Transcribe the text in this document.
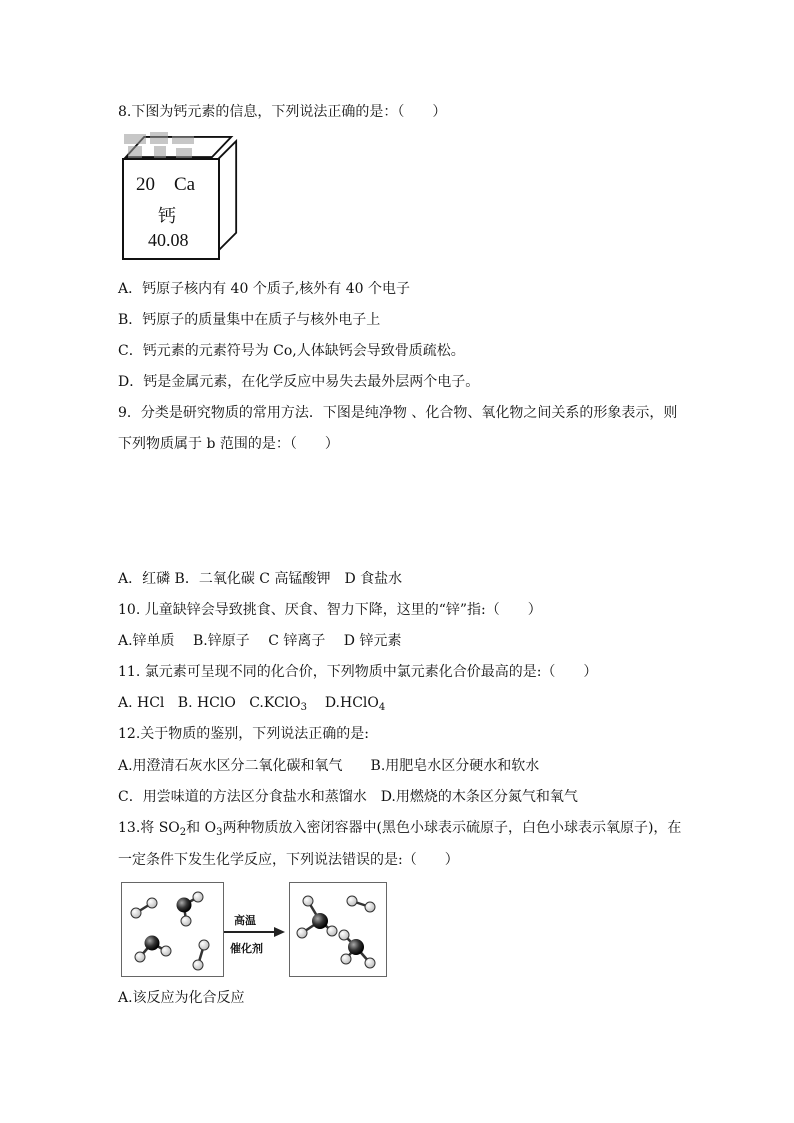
8.下图为钙元素的信息，下列说法正确的是：（　　）
20 Ca
钙
40.08
A．钙原子核内有 40 个质子,核外有 40 个电子
B．钙原子的质量集中在质子与核外电子上
C．钙元素的元素符号为 Co,人体缺钙会导致骨质疏松。
D．钙是金属元素，在化学反应中易失去最外层两个电子。
9．分类是研究物质的常用方法．下图是纯净物 、化合物、氧化物之间关系的形象表示，则
下列物质属于 b 范围的是：（　　）
A．红磷 B．二氧化碳 C 高锰酸钾　D 食盐水
10. 儿童缺锌会导致挑食、厌食、智力下降，这里的“锌”指:（　　）
A.锌单质　 B.锌原子　 C 锌离子　 D 锌元素
11. 氯元素可呈现不同的化合价，下列物质中氯元素化合价最高的是:（　　）
A. HCl B. HClO C.KClO$_3$ D.HClO$_4$
12.关于物质的鉴别，下列说法正确的是:
A.用澄清石灰水区分二氧化碳和氧气　　B.用肥皂水区分硬水和软水
C．用尝味道的方法区分食盐水和蒸馏水　D.用燃烧的木条区分氮气和氧气
13.将 $SO_2$和 $O_3$两种物质放入密闭容器中(黑色小球表示硫原子，白色小球表示氧原子)，在
一定条件下发生化学反应，下列说法错误的是:（　　）
高温
催化剂
A.该反应为化合反应
